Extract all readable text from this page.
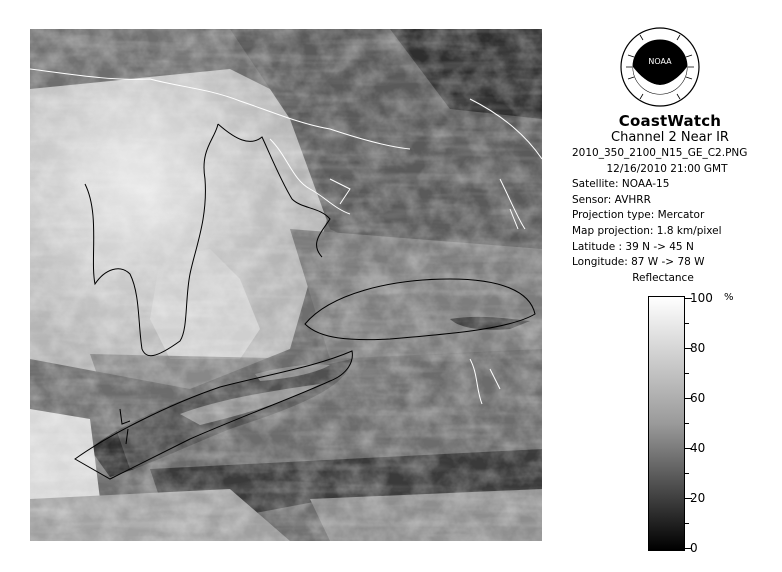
NOAA
CoastWatch
Channel 2 Near IR
2010_350_2100_N15_GE_C2.PNG
12/16/2010 21:00 GMT
Satellite: NOAA-15
Sensor: AVHRR
Projection type: Mercator
Map projection: 1.8 km/pixel
Latitude : 39 N -> 45 N
Longitude: 87 W -> 78 W
Reflectance
%
100
80
60
40
20
0
